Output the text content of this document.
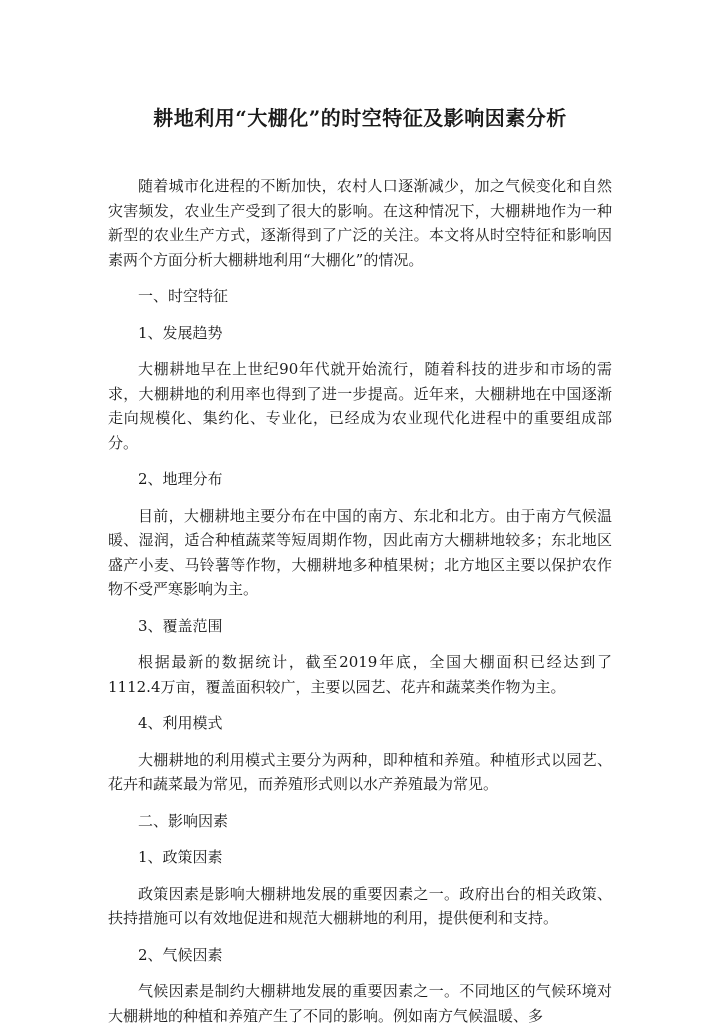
耕地利用“大棚化”的时空特征及影响因素分析

随着城市化进程的不断加快，农村人口逐渐减少，加之气候变化和自然灾害频发，农业生产受到了很大的影响。在这种情况下，大棚耕地作为一种新型的农业生产方式，逐渐得到了广泛的关注。本文将从时空特征和影响因素两个方面分析大棚耕地利用“大棚化”的情况。

一、时空特征

1、发展趋势

大棚耕地早在上世纪90年代就开始流行，随着科技的进步和市场的需求，大棚耕地的利用率也得到了进一步提高。近年来，大棚耕地在中国逐渐走向规模化、集约化、专业化，已经成为农业现代化进程中的重要组成部分。

2、地理分布

目前，大棚耕地主要分布在中国的南方、东北和北方。由于南方气候温暖、湿润，适合种植蔬菜等短周期作物，因此南方大棚耕地较多；东北地区盛产小麦、马铃薯等作物，大棚耕地多种植果树；北方地区主要以保护农作物不受严寒影响为主。

3、覆盖范围

根据最新的数据统计，截至2019年底，全国大棚面积已经达到了1112.4万亩，覆盖面积较广，主要以园艺、花卉和蔬菜类作物为主。

4、利用模式

大棚耕地的利用模式主要分为两种，即种植和养殖。种植形式以园艺、花卉和蔬菜最为常见，而养殖形式则以水产养殖最为常见。

二、影响因素

1、政策因素

政策因素是影响大棚耕地发展的重要因素之一。政府出台的相关政策、扶持措施可以有效地促进和规范大棚耕地的利用，提供便利和支持。

2、气候因素

气候因素是制约大棚耕地发展的重要因素之一。不同地区的气候环境对大棚耕地的种植和养殖产生了不同的影响。例如南方气候温暖、多
